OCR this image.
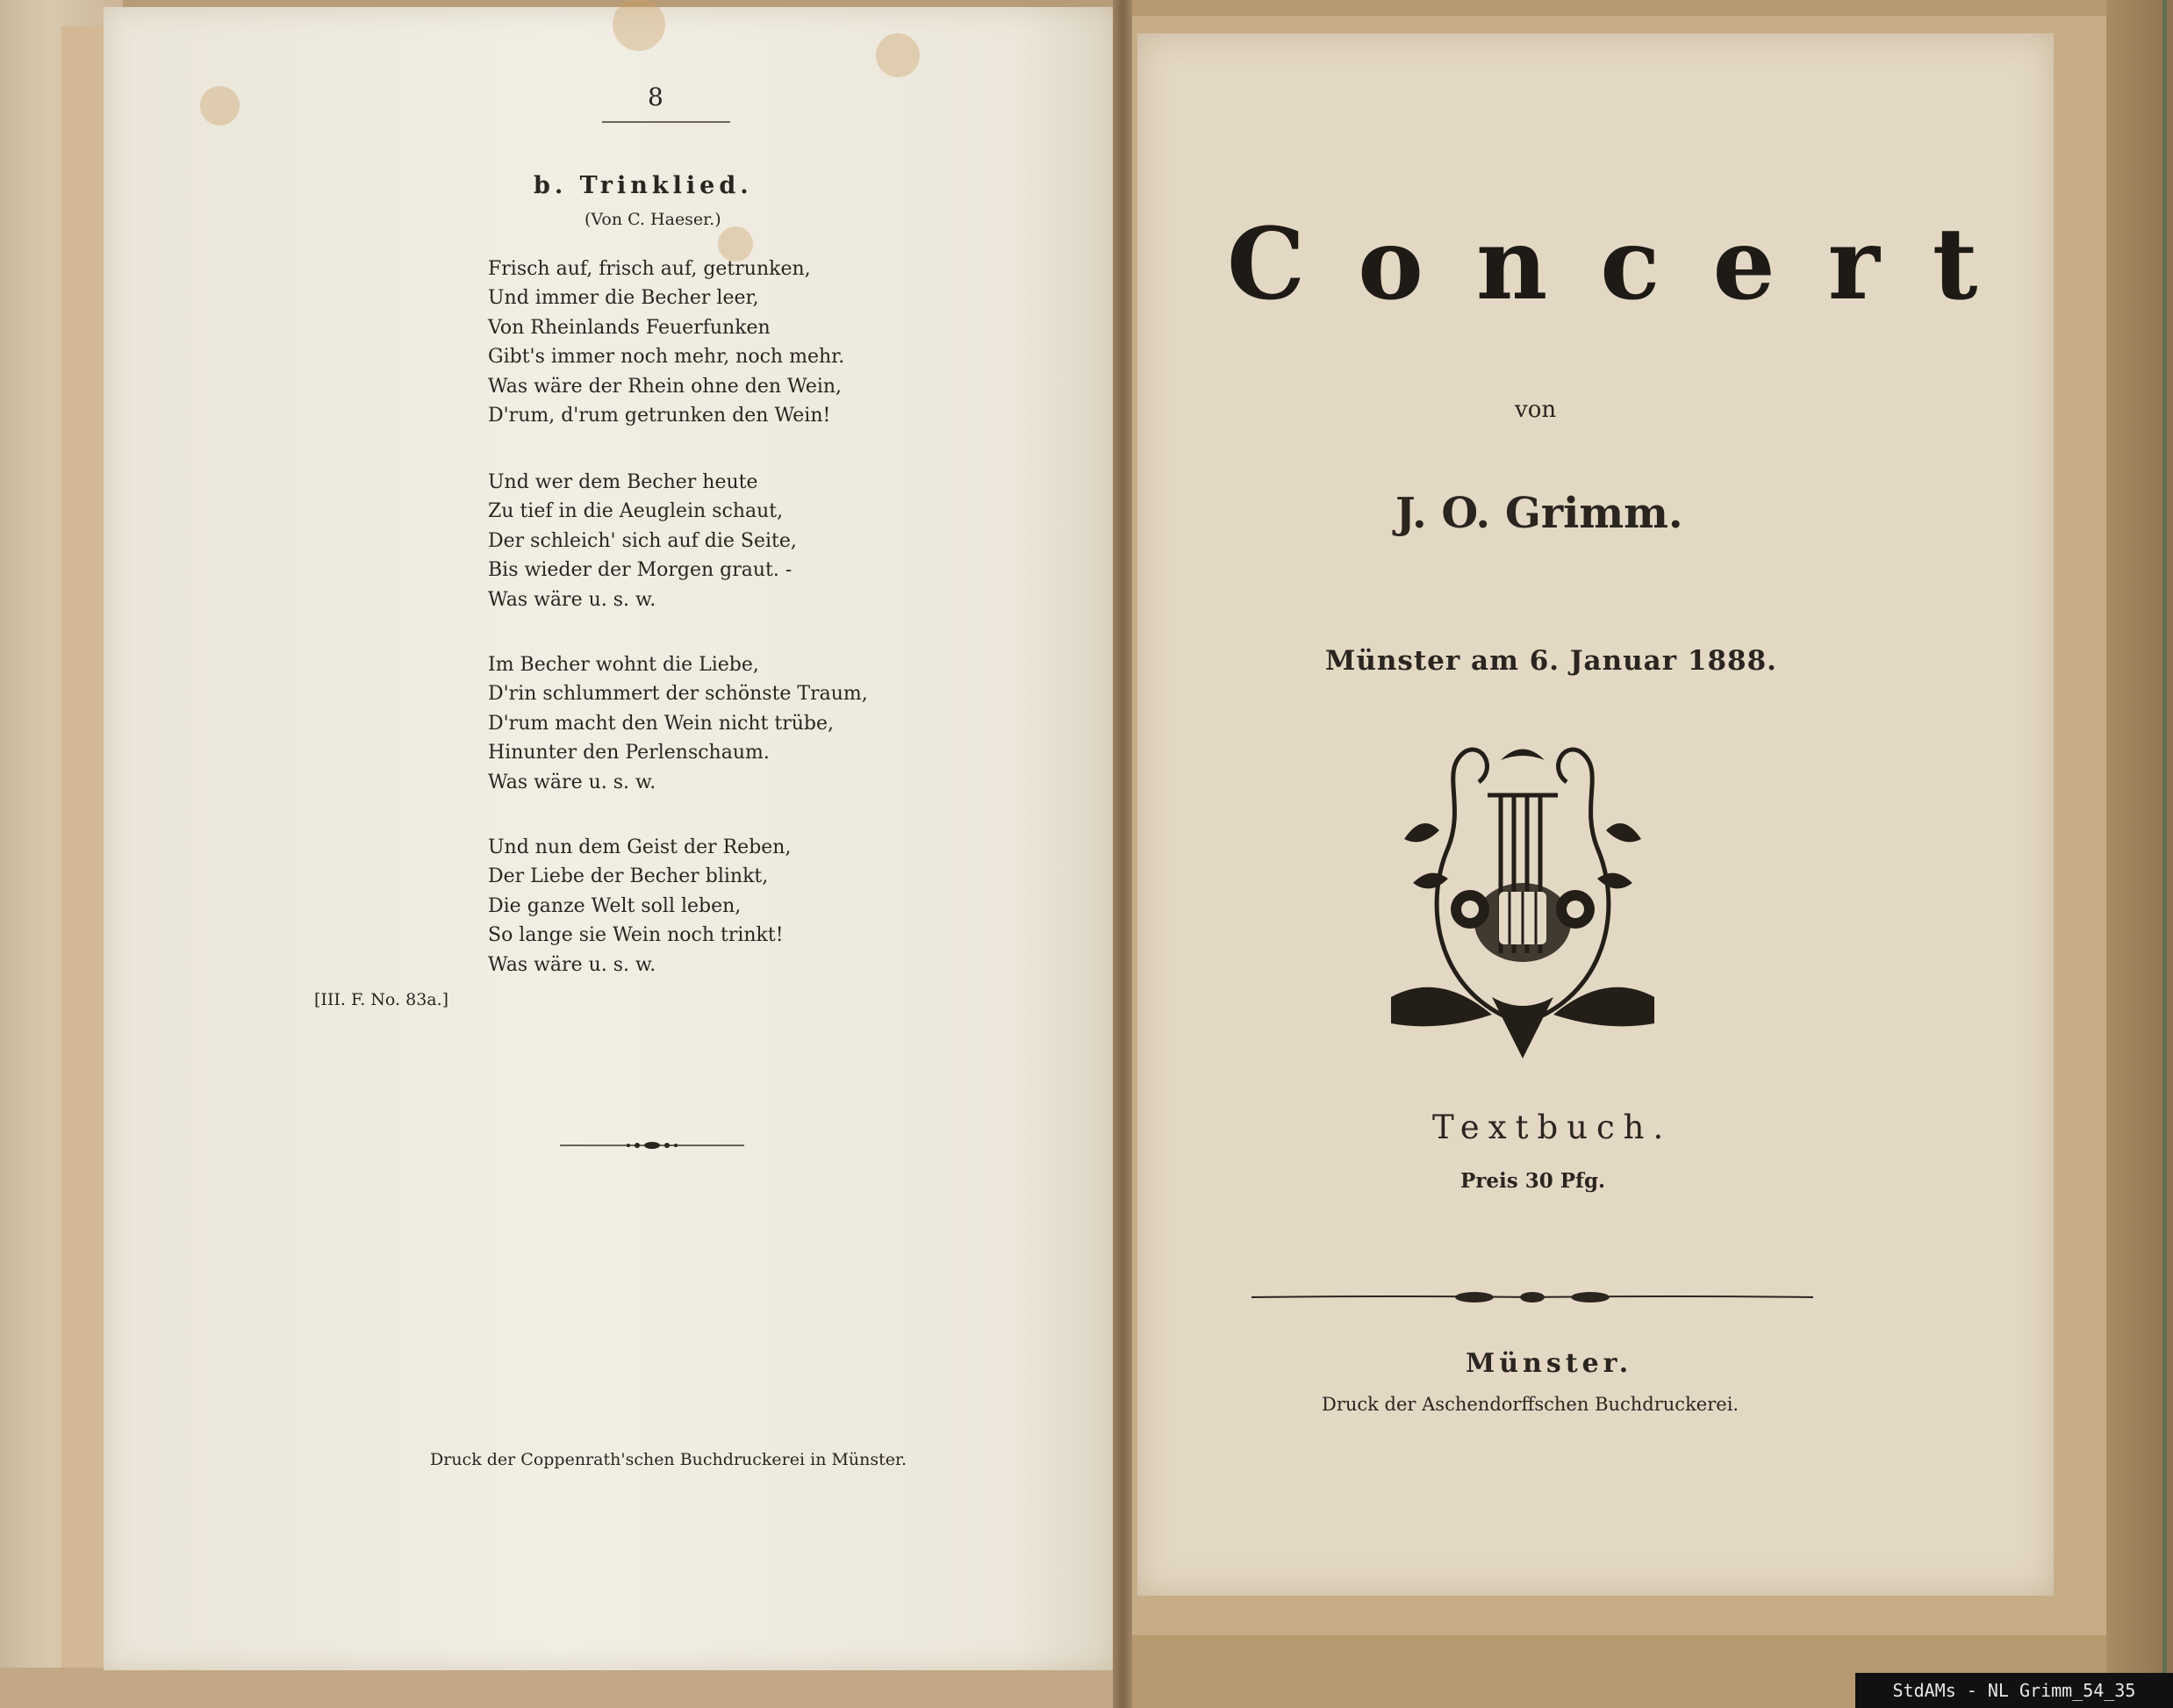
8
b. Trinklied.
(Von C. Haeser.)
Frisch auf, frisch auf, getrunken,
Und immer die Becher leer,
Von Rheinlands Feuerfunken
Gibt's immer noch mehr, noch mehr.
Was wäre der Rhein ohne den Wein,
D'rum, d'rum getrunken den Wein!
Und wer dem Becher heute
Zu tief in die Aeuglein schaut,
Der schleich' sich auf die Seite,
Bis wieder der Morgen graut. -
Was wäre u. s. w.
Im Becher wohnt die Liebe,
D'rin schlummert der schönste Traum,
D'rum macht den Wein nicht trübe,
Hinunter den Perlenschaum.
Was wäre u. s. w.
Und nun dem Geist der Reben,
Der Liebe der Becher blinkt,
Die ganze Welt soll leben,
So lange sie Wein noch trinkt!
Was wäre u. s. w.
[III. F. No. 83a.]
Druck der Coppenrath'schen Buchdruckerei in Münster.
Concert
von
J. O. Grimm.
Münster am 6. Januar 1888.
Textbuch.
Preis 30 Pfg.
Münster.
Druck der Aschendorffschen Buchdruckerei.
StdAMs - NL Grimm_54_35
